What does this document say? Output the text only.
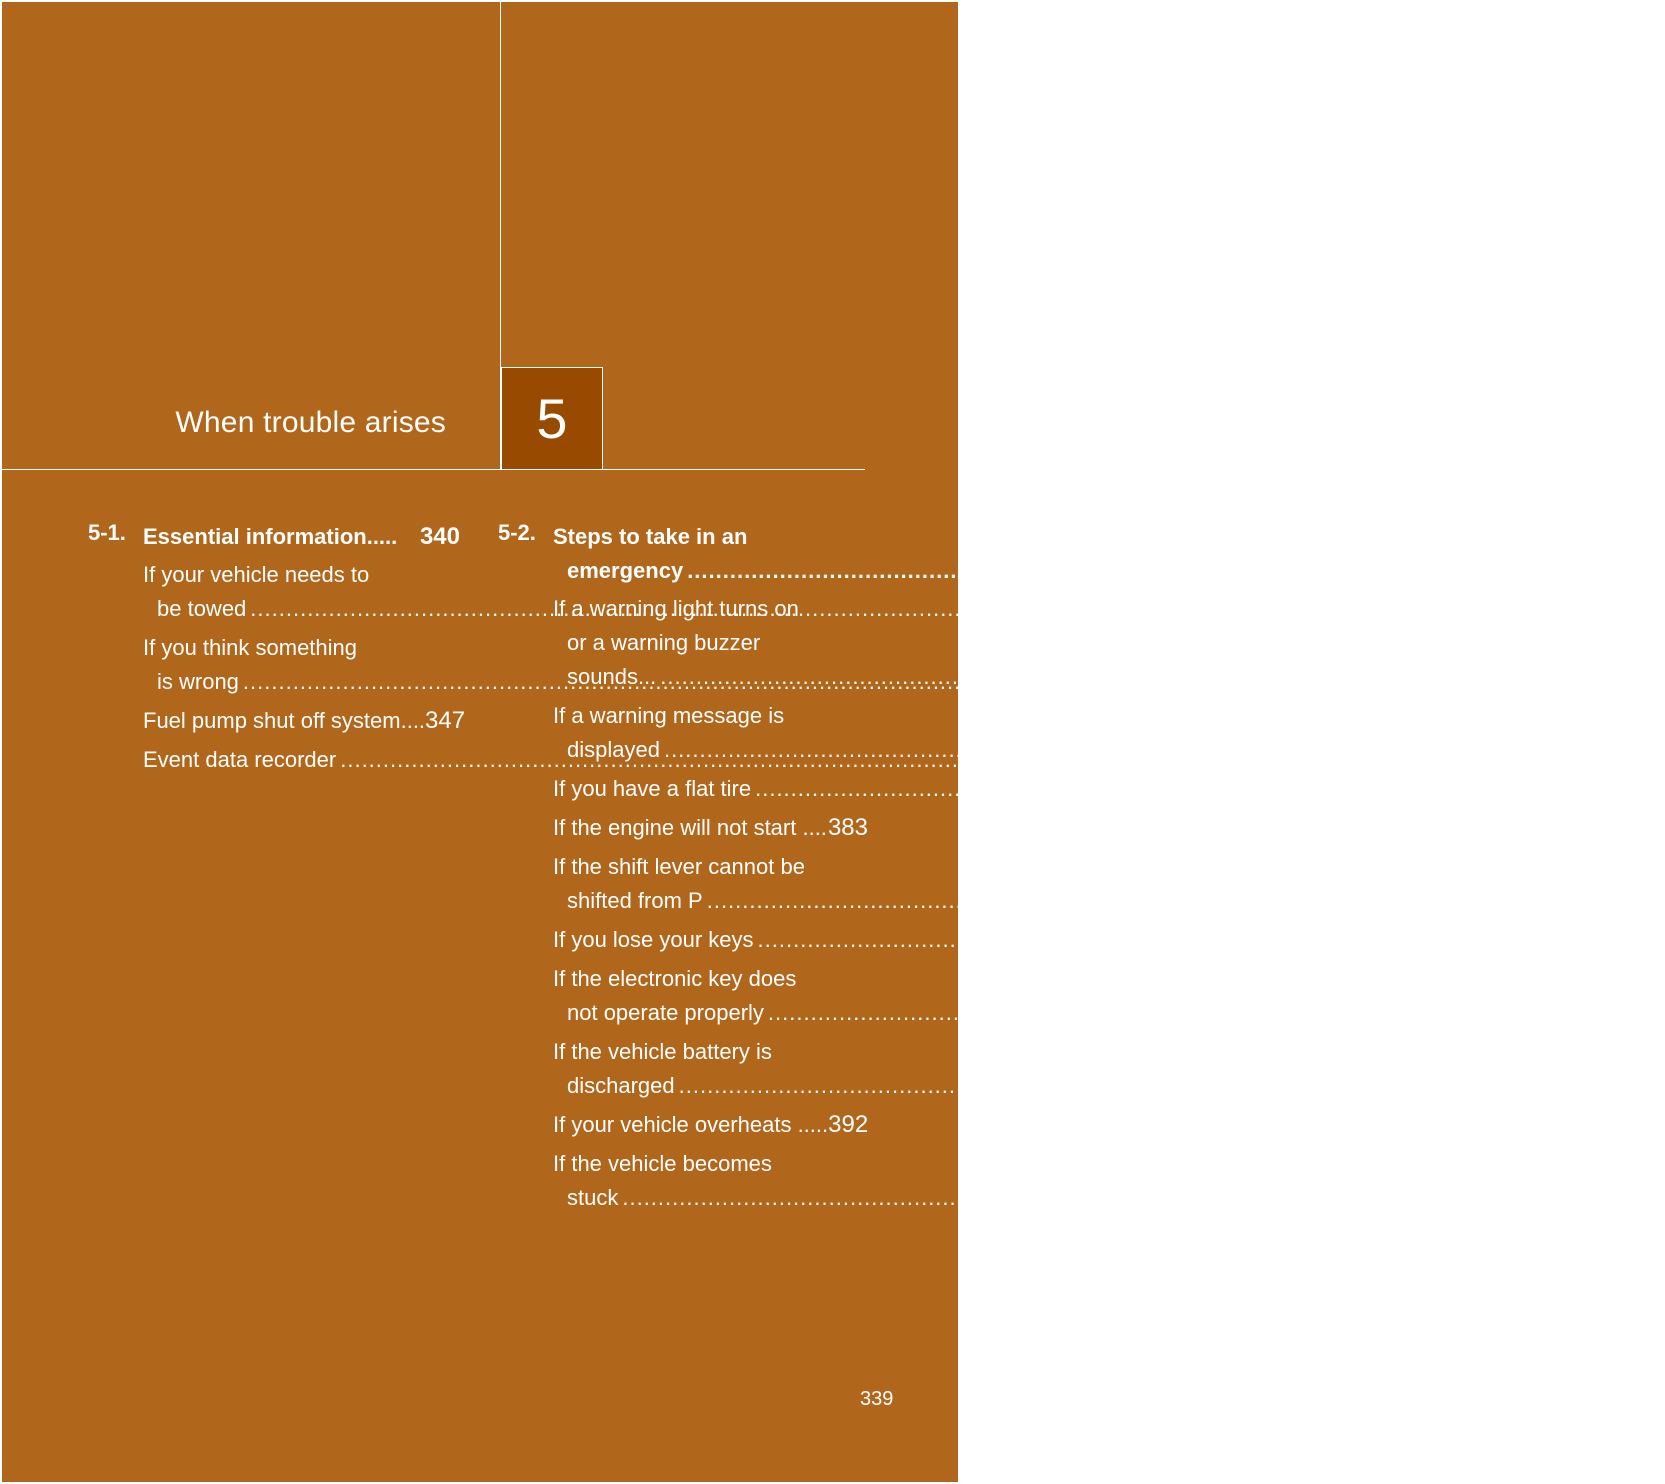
When trouble arises 5
5-1. Essential information..... 340
If your vehicle needs to
be towed .....	340
If you think something
is wrong .....	346
Fuel pump shut off system.... 347
Event data recorder .....	348
5-2. Steps to take in an
emergency .....	350
If a warning light turns on
or a warning buzzer
sounds... .....	350
If a warning message is
displayed .....	360
If you have a flat tire .....	374
If the engine will not start .... 383
If the shift lever cannot be
shifted from P .....	384
If you lose your keys .....	385
If the electronic key does
not operate properly .....	386
If the vehicle battery is
discharged .....	389
If your vehicle overheats ..... 392
If the vehicle becomes
stuck .....	395
339
